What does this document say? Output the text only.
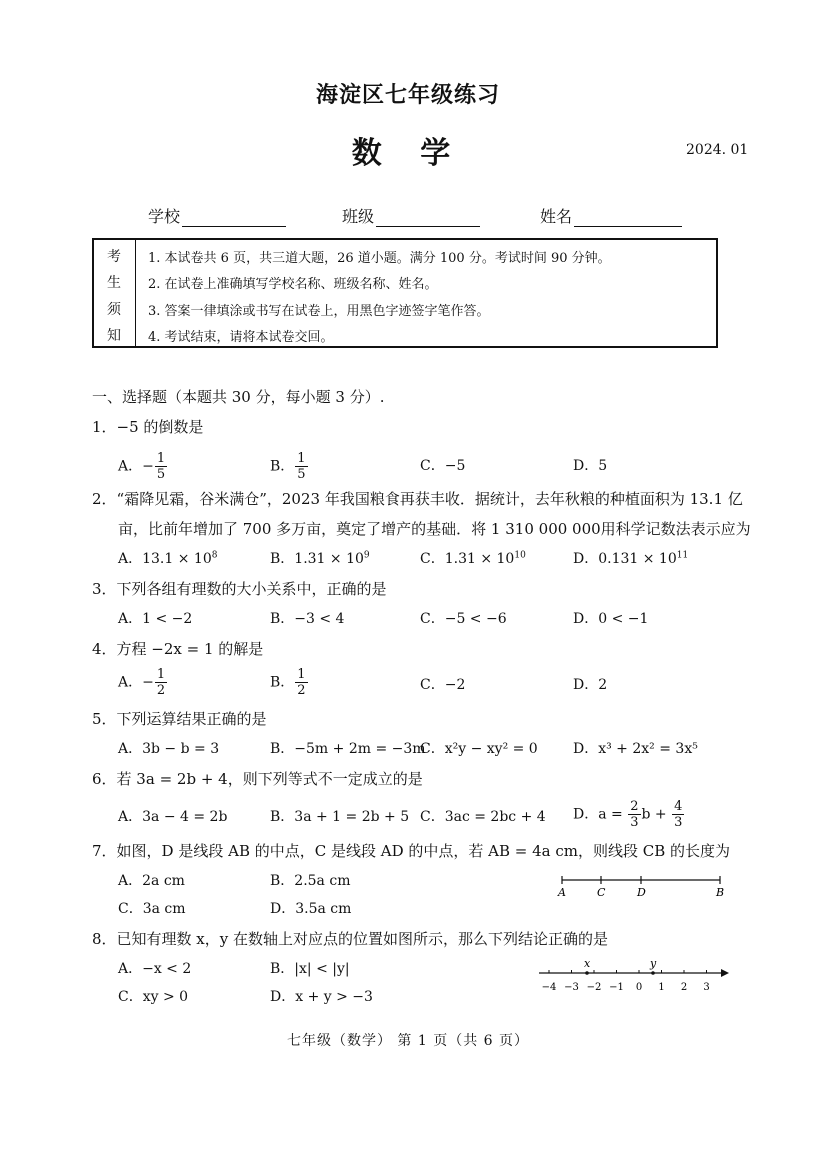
海淀区七年级练习
数 学	2024. 01
学校	班级	姓名
考
生
须
知
1. 本试卷共 6 页，共三道大题，26 道小题。满分 100 分。考试时间 90 分钟。
2. 在试卷上准确填写学校名称、班级名称、姓名。
3. 答案一律填涂或书写在试卷上，用黑色字迹签字笔作答。
4. 考试结束，请将本试卷交回。
一、选择题（本题共 30 分，每小题 3 分）.
1．−5 的倒数是
A．− $\frac{1}{5}$	B． $\frac{1}{5}$	C．−5	D．5
2．“霜降见霜，谷米满仓”，2023 年我国粮食再获丰收．据统计，去年秋粮的种植面积为 13.1 亿
亩，比前年增加了 700 多万亩，奠定了增产的基础．将 1 310 000 000用科学记数法表示应为
A．$13.1 \times 10^8$	B．$1.31 \times 10^9$	C．$1.31 \times 10^{10}$	D．$0.131 \times 10^{11}$
3．下列各组有理数的大小关系中，正确的是
A．1 < −2	B．−3 < 4	C．−5 < −6	D．0 < −1
4．方程 −2x = 1 的解是
A．− $\frac{1}{2}$	B． $\frac{1}{2}$	C．−2	D．2
5．下列运算结果正确的是
A．3b − b = 3	B．−5m + 2m = −3m
C．x²y − xy² = 0	D．x³ + 2x² = 3x⁵
6．若 3a = 2b + 4，则下列等式不一定成立的是
A．3a − 4 = 2b	B．3a + 1 = 2b + 5 C．3ac = 2bc + 4 D．$a = \frac{2}{3}$ $b + \frac{4}{3}$
7．如图，D 是线段 AB 的中点，C 是线段 AD 的中点，若 AB = 4a cm，则线段 CB 的长度为
A．2a cm	B．2.5a cm
C．3a cm	D．3.5a cm
A	C	D	B
8．已知有理数 x，y 在数轴上对应点的位置如图所示，那么下列结论正确的是
A．−x < 2	B．|x| < |y|
C．xy > 0	D．x + y > −3
−4 −3 −2 −1 0 1 2 3
x	y
七年级（数学） 第 1 页（共 6 页）
